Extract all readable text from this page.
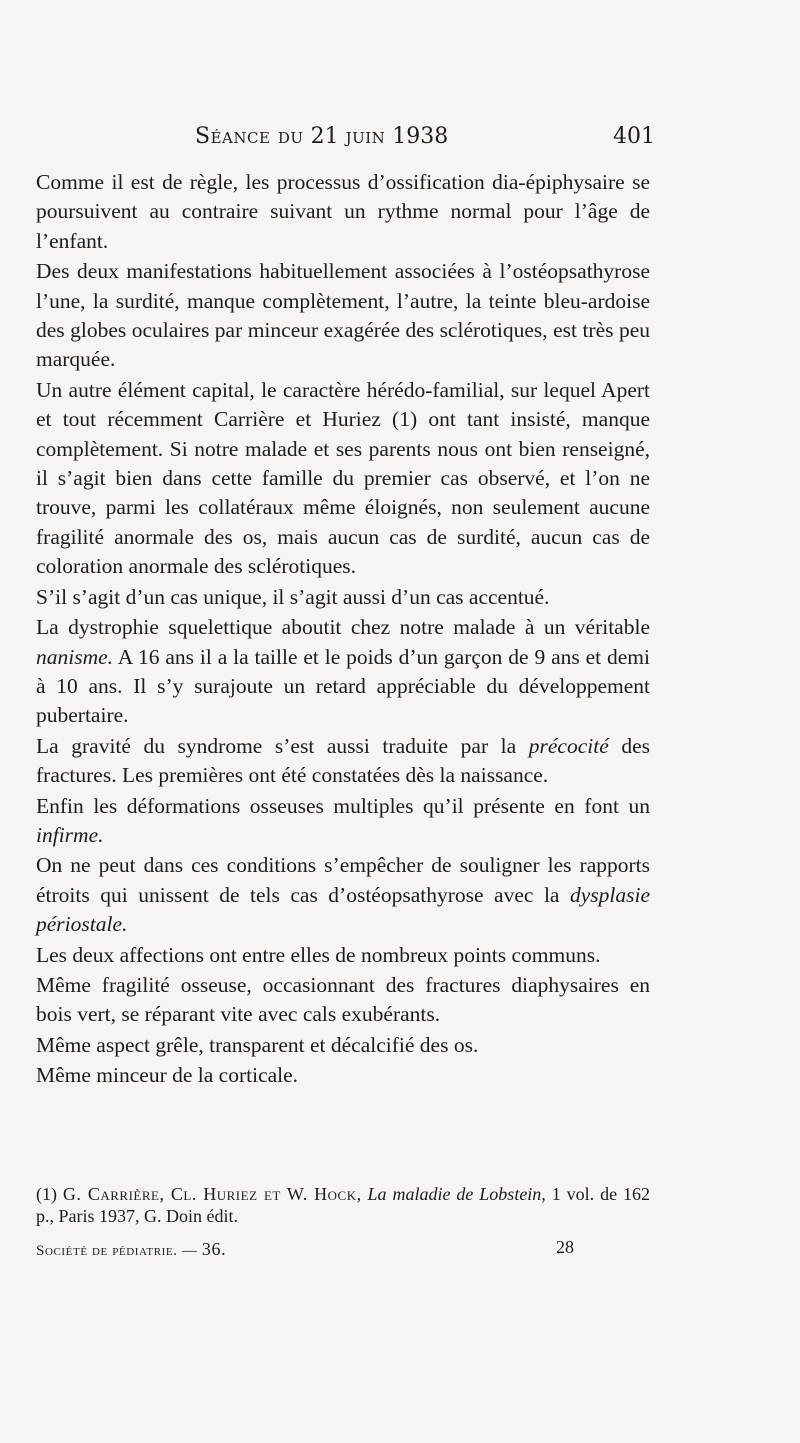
Séance du 21 juin 1938	401

Comme il est de règle, les processus d’ossification dia-épiphysaire se poursuivent au contraire suivant un rythme normal pour l’âge de l’enfant.

Des deux manifestations habituellement associées à l’ostéopsathyrose l’une, la surdité, manque complètement, l’autre, la teinte bleu-ardoise des globes oculaires par minceur exagérée des sclérotiques, est très peu marquée.

Un autre élément capital, le caractère hérédo-familial, sur lequel Apert et tout récemment Carrière et Huriez (1) ont tant insisté, manque complètement. Si notre malade et ses parents nous ont bien renseigné, il s’agit bien dans cette famille du premier cas observé, et l’on ne trouve, parmi les collatéraux même éloignés, non seulement aucune fragilité anormale des os, mais aucun cas de surdité, aucun cas de coloration anormale des sclérotiques.

S’il s’agit d’un cas unique, il s’agit aussi d’un cas accentué.

La dystrophie squelettique aboutit chez notre malade à un véritable nanisme. A 16 ans il a la taille et le poids d’un garçon de 9 ans et demi à 10 ans. Il s’y surajoute un retard appréciable du développement pubertaire.

La gravité du syndrome s’est aussi traduite par la précocité des fractures. Les premières ont été constatées dès la naissance.

Enfin les déformations osseuses multiples qu’il présente en font un infirme.

On ne peut dans ces conditions s’empêcher de souligner les rapports étroits qui unissent de tels cas d’ostéopsathyrose avec la dysplasie périostale.

Les deux affections ont entre elles de nombreux points communs.

Même fragilité osseuse, occasionnant des fractures diaphysaires en bois vert, se réparant vite avec cals exubérants.

Même aspect grêle, transparent et décalcifié des os.

Même minceur de la corticale.

(1) G. Carrière, Cl. Huriez et W. Hock, La maladie de Lobstein, 1 vol. de 162 p., Paris 1937, G. Doin édit.
Société de pédiatrie. — 36.	28
